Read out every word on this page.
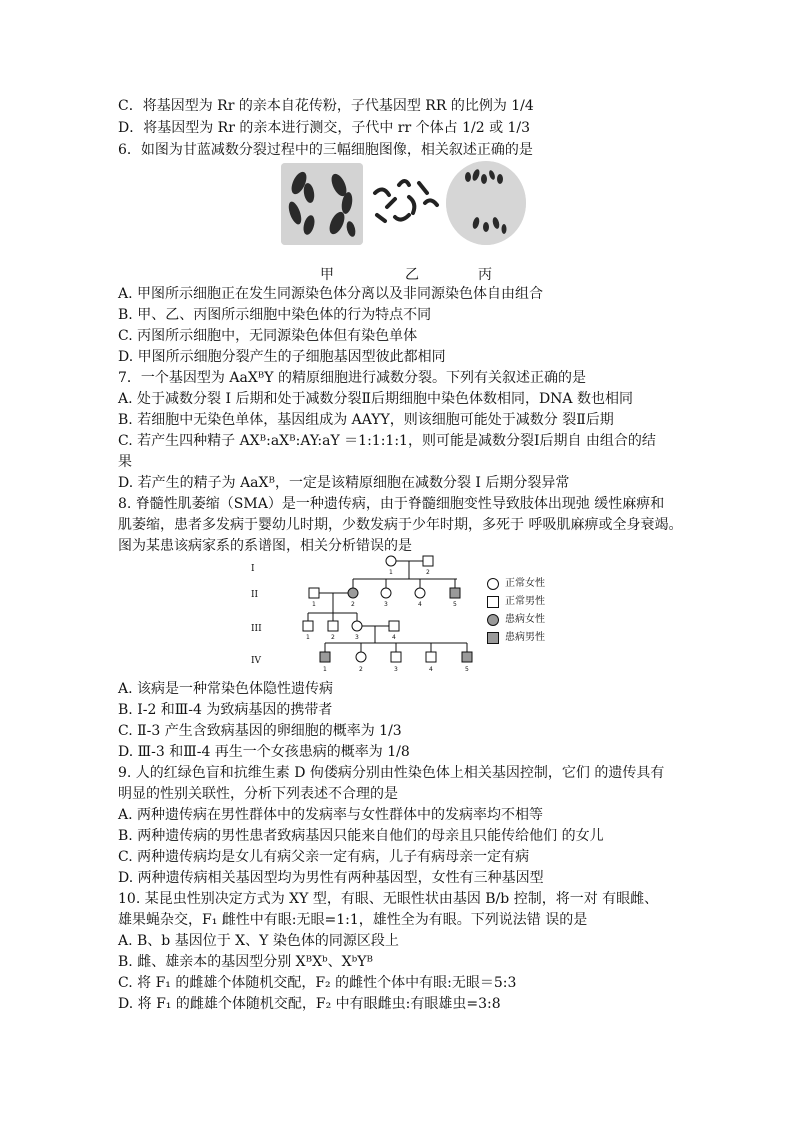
C．将基因型为 Rr 的亲本自花传粉，子代基因型 RR 的比例为 1/4
D．将基因型为 Rr 的亲本进行测交，子代中 rr 个体占 1/2 或 1/3
6．如图为甘蓝减数分裂过程中的三幅细胞图像，相关叙述正确的是
甲	乙	丙
A. 甲图所示细胞正在发生同源染色体分离以及非同源染色体自由组合
B. 甲、乙、丙图所示细胞中染色体的行为特点不同
C. 丙图所示细胞中，无同源染色体但有染色单体
D. 甲图所示细胞分裂产生的子细胞基因型彼此都相同
7．一个基因型为 AaXᴮY 的精原细胞进行减数分裂。下列有关叙述正确的是
A. 处于减数分裂 Ⅰ 后期和处于减数分裂Ⅱ后期细胞中染色体数相同，DNA 数也相同
B. 若细胞中无染色单体，基因组成为 AAYY，则该细胞可能处于减数分 裂Ⅱ后期
C. 若产生四种精子 AXᴮ:aXᴮ:AY:aY ＝1:1:1:1，则可能是减数分裂Ⅰ后期自 由组合的结
果
D. 若产生的精子为 AaXᴮ，一定是该精原细胞在减数分裂 Ⅰ 后期分裂异常
8. 脊髓性肌萎缩（SMA）是一种遗传病，由于脊髓细胞变性导致肢体出现弛 缓性麻痹和
肌萎缩，患者多发病于婴幼儿时期，少数发病于少年时期，多死于 呼吸肌麻痹或全身衰竭。
图为某患该病家系的系谱图，相关分析错误的是
I
II
III
IV
1	2
1	2	3	4	5
1	2	3	4
1	2	3	4	5
正常女性
正常男性
患病女性
患病男性
A. 该病是一种常染色体隐性遗传病
B. Ⅰ-2 和Ⅲ-4 为致病基因的携带者
C. Ⅱ-3 产生含致病基因的卵细胞的概率为 1/3
D. Ⅲ-3 和Ⅲ-4 再生一个女孩患病的概率为 1/8
9. 人的红绿色盲和抗维生素 D 佝偻病分别由性染色体上相关基因控制，它们 的遗传具有
明显的性别关联性，分析下列表述不合理的是
A. 两种遗传病在男性群体中的发病率与女性群体中的发病率均不相等
B. 两种遗传病的男性患者致病基因只能来自他们的母亲且只能传给他们 的女儿
C. 两种遗传病均是女儿有病父亲一定有病，儿子有病母亲一定有病
D. 两种遗传病相关基因型均为男性有两种基因型，女性有三种基因型
10. 某昆虫性别决定方式为 XY 型，有眼、无眼性状由基因 B/b 控制，将一对 有眼雌、
雄果蝇杂交，F₁ 雌性中有眼:无眼=1:1，雄性全为有眼。下列说法错 误的是
A. B、b 基因位于 X、Y 染色体的同源区段上
B. 雌、雄亲本的基因型分别 XᴮXᵇ、XᵇYᴮ
C. 将 F₁ 的雌雄个体随机交配，F₂ 的雌性个体中有眼:无眼＝5:3
D. 将 F₁ 的雌雄个体随机交配，F₂ 中有眼雌虫:有眼雄虫=3:8
